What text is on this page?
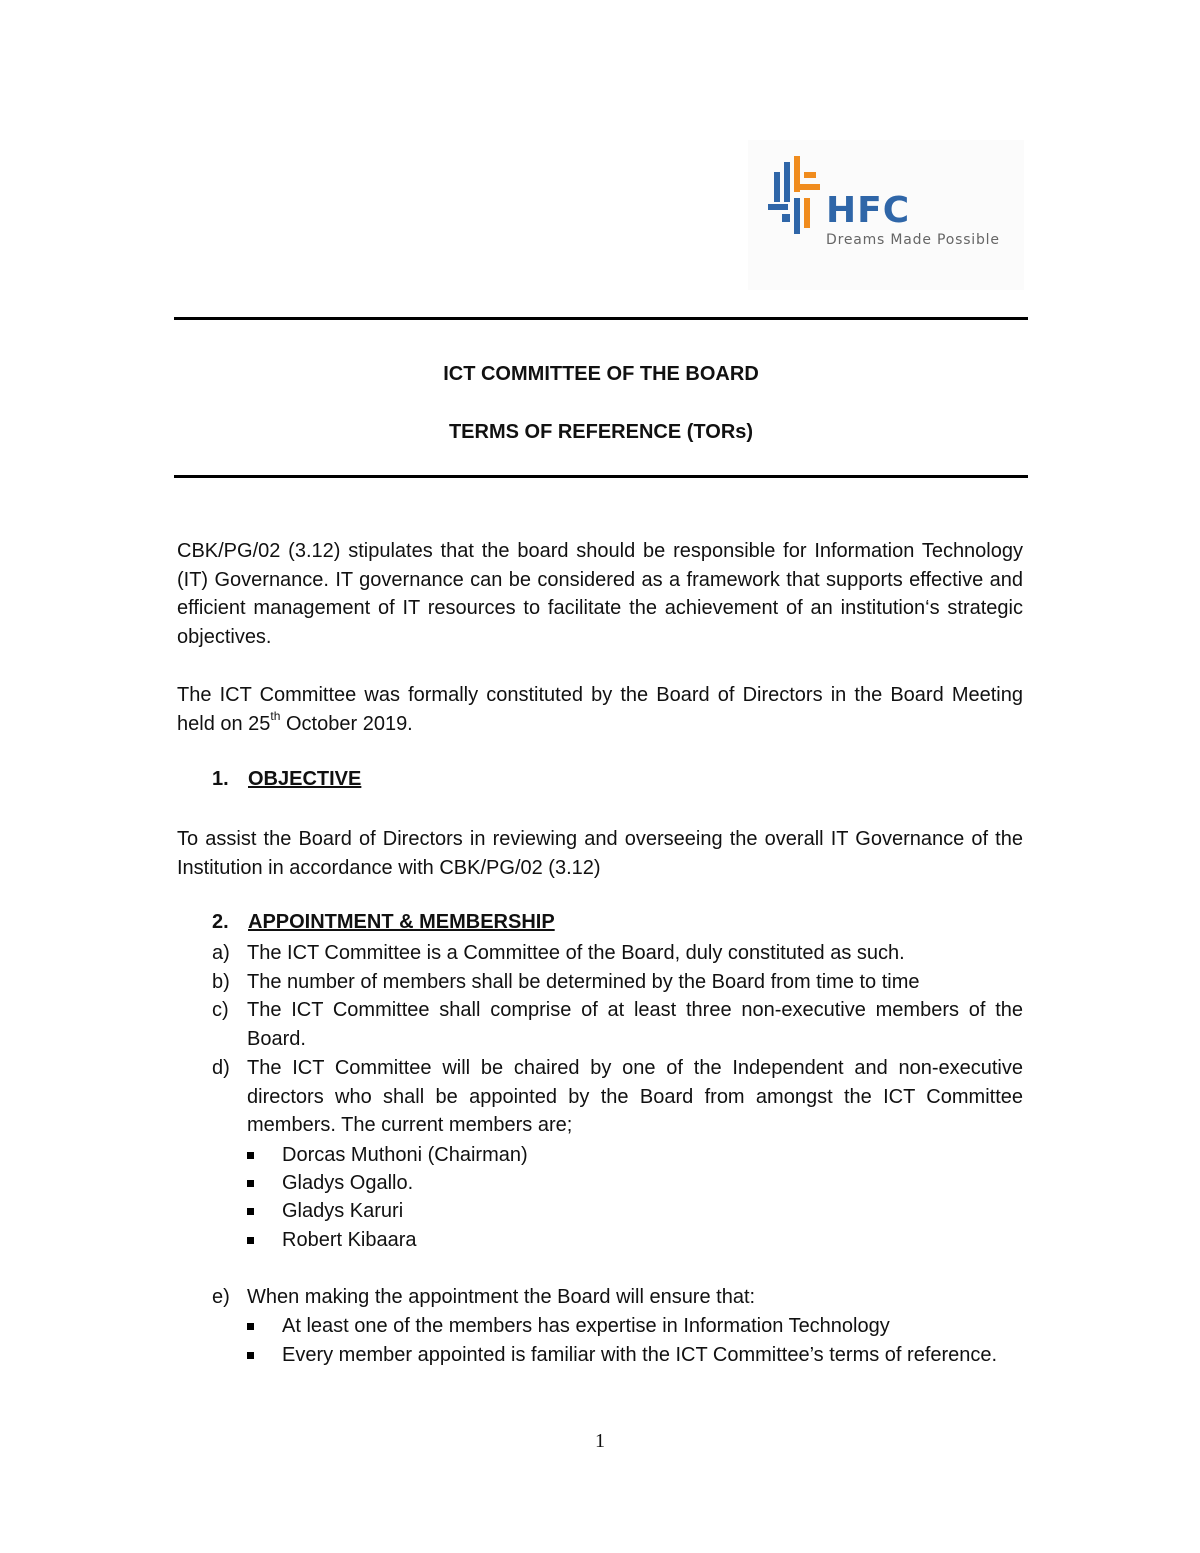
HFC
Dreams Made Possible
ICT COMMITTEE OF THE BOARD
TERMS OF REFERENCE (TORs)
CBK/PG/02 (3.12) stipulates that the board should be responsible for Information Technology (IT) Governance. IT governance can be considered as a framework that supports effective and efficient management of IT resources to facilitate the achievement of an institution‘s strategic objectives.
The ICT Committee was formally constituted by the Board of Directors in the Board Meeting held on 25th October 2019.
1. OBJECTIVE
To assist the Board of Directors in reviewing and overseeing the overall IT Governance of the Institution in accordance with CBK/PG/02 (3.12)
2. APPOINTMENT & MEMBERSHIP
a) The ICT Committee is a Committee of the Board, duly constituted as such.
b) The number of members shall be determined by the Board from time to time
c) The ICT Committee shall comprise of at least three non-executive members of the        Board.
d) The ICT Committee will be chaired by one of the Independent and non-executive directors who shall be appointed by the Board from amongst the ICT Committee members. The current members are;
Dorcas Muthoni (Chairman)
Gladys Ogallo.
Gladys Karuri
Robert Kibaara
e) When making the appointment the Board will ensure that:
At least one of the members has expertise in Information Technology
Every member appointed is familiar with the ICT Committee’s terms of reference.
1
